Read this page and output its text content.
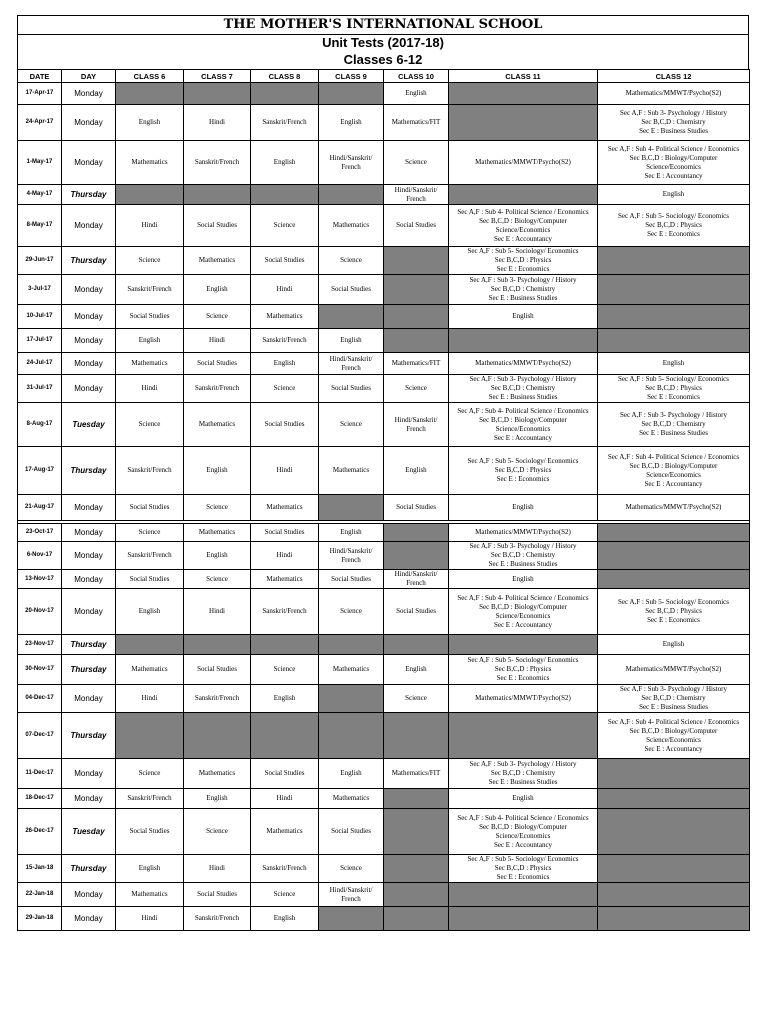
THE MOTHER'S INTERNATIONAL SCHOOL
Unit Tests (2017-18)
Classes 6-12
DATE	DAY	CLASS 6	CLASS 7	CLASS 8	CLASS 9	CLASS 10	CLASS 11	CLASS 12
17-Apr-17	Monday					English		Mathematics/MMWT/Psycho(S2)
24-Apr-17	Monday	English	Hindi	Sanskrit/French	English	Mathematics/FIT		Sec A,F : Sub 3- Psychology / History
Sec B,C,D : Chemistry
Sec E : Business Studies
1-May-17	Monday	Mathematics	Sanskrit/French	English	Hindi/Sanskrit/
French	Science	Mathematics/MMWT/Psycho(S2)	Sec A,F : Sub 4- Political Science / Economics
Sec B,C,D : Biology/Computer
Science/Economics
Sec E : Accountancy
4-May-17	Thursday					Hindi/Sanskrit/
French		English
8-May-17	Monday	Hindi	Social Studies	Science	Mathematics	Social Studies	Sec A,F : Sub 4- Political Science / Economics
Sec B,C,D : Biology/Computer
Science/Economics
Sec E : Accountancy	Sec A,F : Sub 5- Sociology/ Economics
Sec B,C,D : Physics
Sec E : Economics
29-Jun-17	Thursday	Science	Mathematics	Social Studies	Science		Sec A,F : Sub 5- Sociology/ Economics
Sec B,C,D : Physics
Sec E : Economics	
3-Jul-17	Monday	Sanskrit/French	English	Hindi	Social Studies		Sec A,F : Sub 3- Psychology / History
Sec B,C,D : Chemistry
Sec E : Business Studies	
10-Jul-17	Monday	Social Studies	Science	Mathematics			English	
17-Jul-17	Monday	English	Hindi	Sanskrit/French	English			
24-Jul-17	Monday	Mathematics	Social Studies	English	Hindi/Sanskrit/
French	Mathematics/FIT	Mathematics/MMWT/Psycho(S2)	English
31-Jul-17	Monday	Hindi	Sanskrit/French	Science	Social Studies	Science	Sec A,F : Sub 3- Psychology / History
Sec B,C,D : Chemistry
Sec E : Business Studies	Sec A,F : Sub 5- Sociology/ Economics
Sec B,C,D : Physics
Sec E : Economics
8-Aug-17	Tuesday	Science	Mathematics	Social Studies	Science	Hindi/Sanskrit/
French	Sec A,F : Sub 4- Political Science / Economics
Sec B,C,D : Biology/Computer
Science/Economics
Sec E : Accountancy	Sec A,F : Sub 3- Psychology / History
Sec B,C,D : Chemistry
Sec E : Business Studies
17-Aug-17	Thursday	Sanskrit/French	English	Hindi	Mathematics	English	Sec A,F : Sub 5- Sociology/ Economics
Sec B,C,D : Physics
Sec E : Economics	Sec A,F : Sub 4- Political Science / Economics
Sec B,C,D : Biology/Computer
Science/Economics
Sec E : Accountancy
21-Aug-17	Monday	Social Studies	Science	Mathematics		Social Studies	English	Mathematics/MMWT/Psycho(S2)

23-Oct-17	Monday	Science	Mathematics	Social Studies	English		Mathematics/MMWT/Psycho(S2)	
6-Nov-17	Monday	Sanskrit/French	English	Hindi	Hindi/Sanskrit/
French		Sec A,F : Sub 3- Psychology / History
Sec B,C,D : Chemistry
Sec E : Business Studies	
13-Nov-17	Monday	Social Studies	Science	Mathematics	Social Studies	Hindi/Sanskrit/
French	English	
20-Nov-17	Monday	English	Hindi	Sanskrit/French	Science	Social Studies	Sec A,F : Sub 4- Political Science / Economics
Sec B,C,D : Biology/Computer
Science/Economics
Sec E : Accountancy	Sec A,F : Sub 5- Sociology/ Economics
Sec B,C,D : Physics
Sec E : Economics
23-Nov-17	Thursday							English
30-Nov-17	Thursday	Mathematics	Social Studies	Science	Mathematics	English	Sec A,F : Sub 5- Sociology/ Economics
Sec B,C,D : Physics
Sec E : Economics	Mathematics/MMWT/Psycho(S2)
04-Dec-17	Monday	Hindi	Sanskrit/French	English		Science	Mathematics/MMWT/Psycho(S2)	Sec A,F : Sub 3- Psychology / History
Sec B,C,D : Chemistry
Sec E : Business Studies
07-Dec-17	Thursday							Sec A,F : Sub 4- Political Science / Economics
Sec B,C,D : Biology/Computer
Science/Economics
Sec E : Accountancy
11-Dec-17	Monday	Science	Mathematics	Social Studies	English	Mathematics/FIT	Sec A,F : Sub 3- Psychology / History
Sec B,C,D : Chemistry
Sec E : Business Studies	
18-Dec-17	Monday	Sanskrit/French	English	Hindi	Mathematics		English	
26-Dec-17	Tuesday	Social Studies	Science	Mathematics	Social Studies		Sec A,F : Sub 4- Political Science / Economics
Sec B,C,D : Biology/Computer
Science/Economics
Sec E : Accountancy	
15-Jan-18	Thursday	English	Hindi	Sanskrit/French	Science		Sec A,F : Sub 5- Sociology/ Economics
Sec B,C,D : Physics
Sec E : Economics	
22-Jan-18	Monday	Mathematics	Social Studies	Science	Hindi/Sanskrit/
French			
29-Jan-18	Monday	Hindi	Sanskrit/French	English				
